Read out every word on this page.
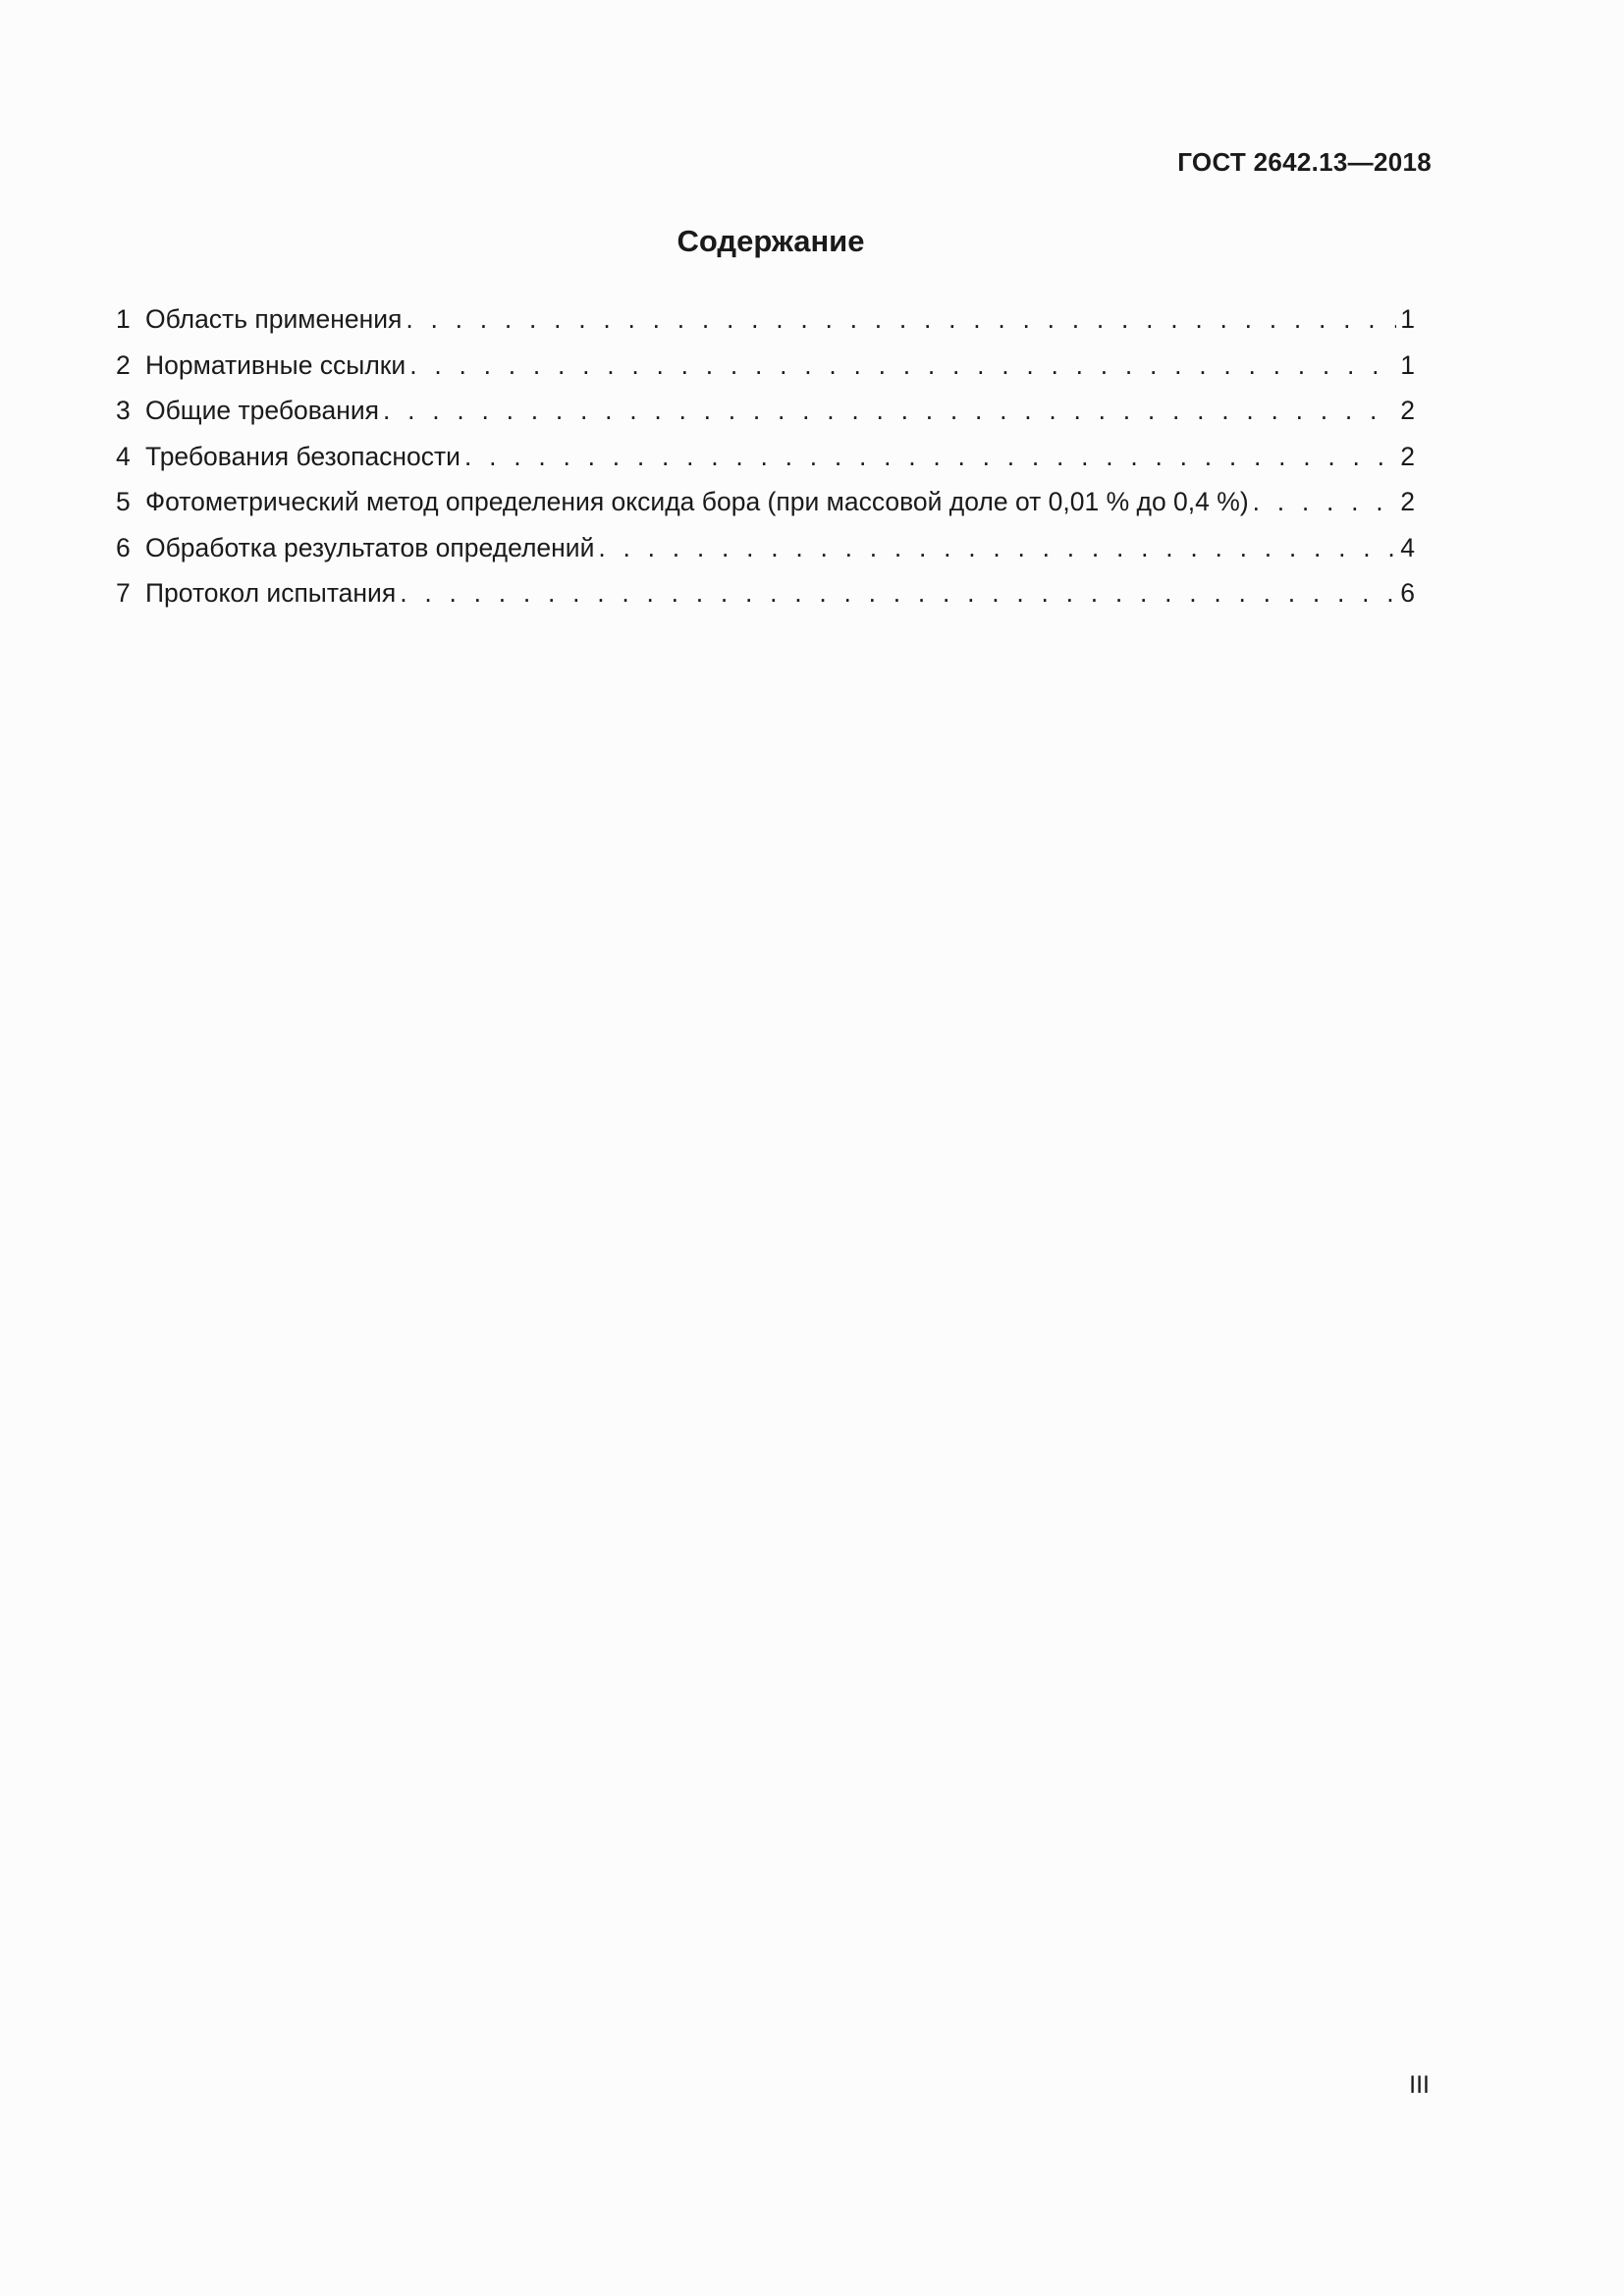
ГОСТ 2642.13—2018
Содержание
1 Область применения . . .	1
2 Нормативные ссылки . . .	1
3 Общие требования . . .	2
4 Требования безопасности . . .	2
5 Фотометрический метод определения оксида бора (при массовой доле от 0,01 % до 0,4 %) . . .	2
6 Обработка результатов определений . . .	4
7 Протокол испытания . . .	6
III
